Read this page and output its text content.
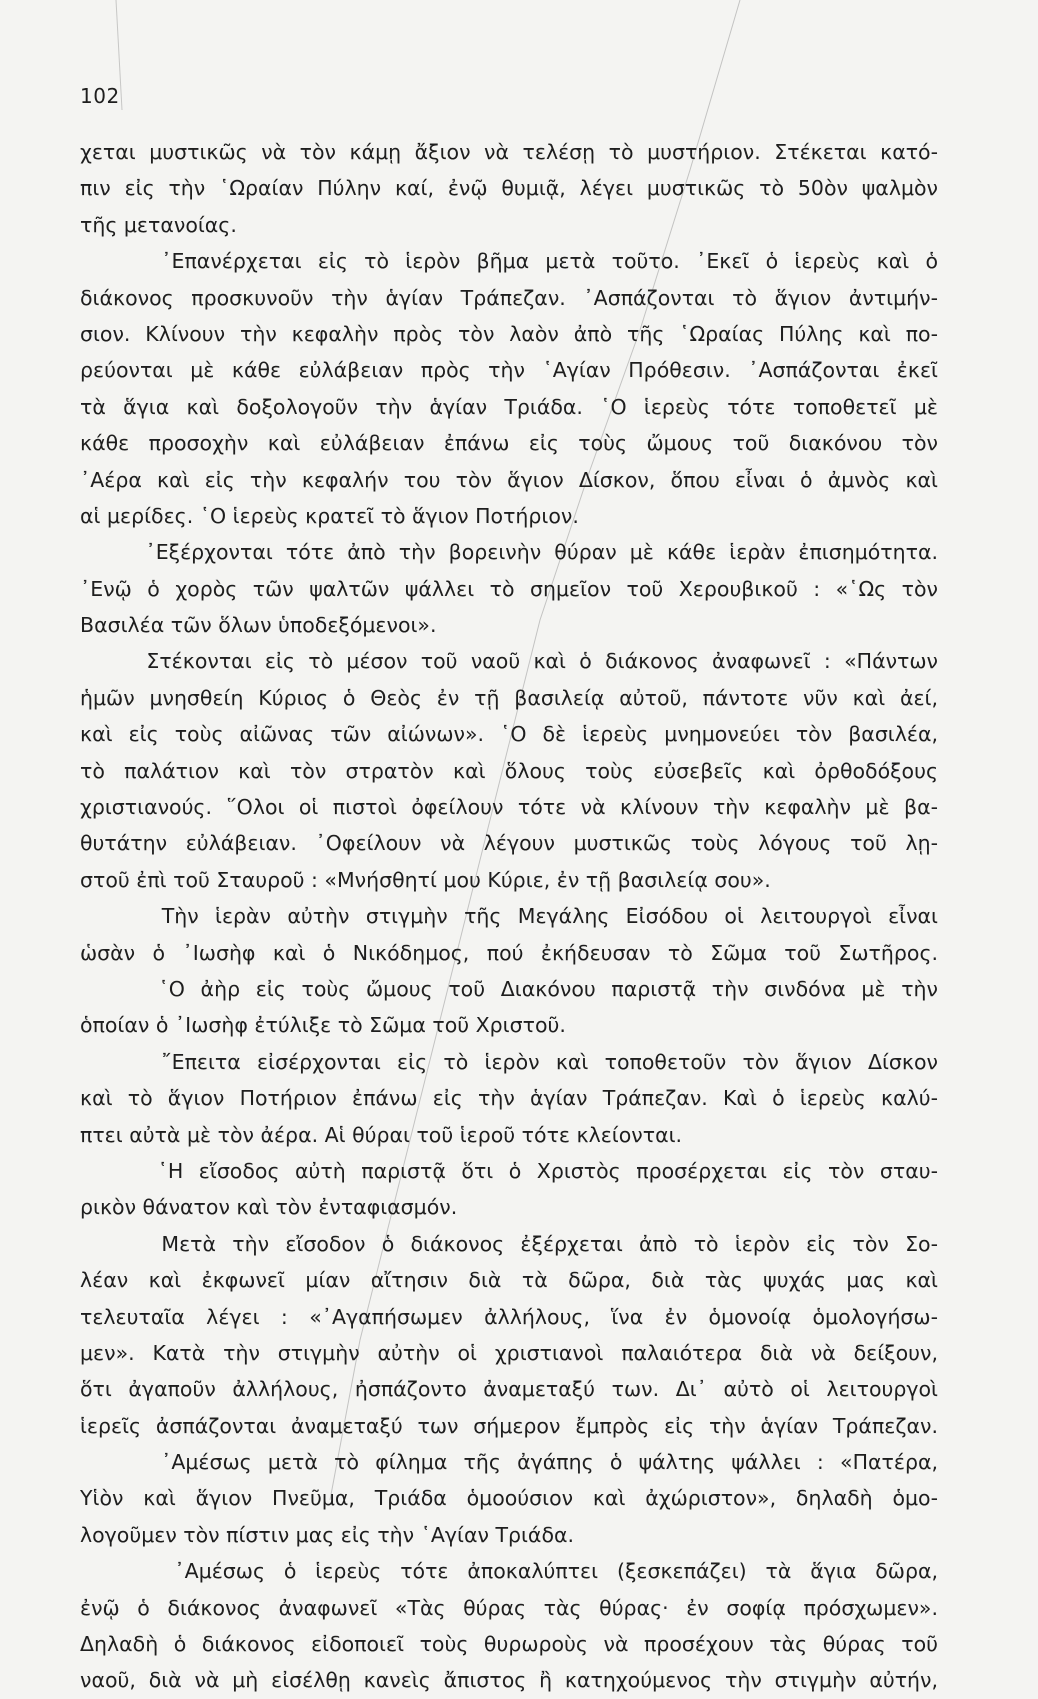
102
χεται μυστικῶς νὰ τὸν κάμῃ ἄξιον νὰ τελέσῃ τὸ μυστήριον. Στέκεται κατό-
πιν εἰς τὴν ῾Ωραίαν Πύλην καί, ἐνῷ θυμιᾷ, λέγει μυστικῶς τὸ 50ὸν ψαλμὸν
τῆς μετανοίας.
᾿Επανέρχεται εἰς τὸ ἱερὸν βῆμα μετὰ τοῦτο. ᾿Εκεῖ ὁ ἱερεὺς καὶ ὁ
διάκονος προσκυνοῦν τὴν ἁγίαν Τράπεζαν. ᾿Ασπάζονται τὸ ἅγιον ἀντιμήν-
σιον. Κλίνουν τὴν κεφαλὴν πρὸς τὸν λαὸν ἀπὸ τῆς ῾Ωραίας Πύλης καὶ πο-
ρεύονται μὲ κάθε εὐλάβειαν πρὸς τὴν ῾Αγίαν Πρόθεσιν. ᾿Ασπάζονται ἐκεῖ
τὰ ἅγια καὶ δοξολογοῦν τὴν ἁγίαν Τριάδα. ῾Ο ἱερεὺς τότε τοποθετεῖ μὲ
κάθε προσοχὴν καὶ εὐλάβειαν ἐπάνω εἰς τοὺς ὤμους τοῦ διακόνου τὸν
᾿Αέρα καὶ εἰς τὴν κεφαλήν του τὸν ἅγιον Δίσκον, ὅπου εἶναι ὁ ἀμνὸς καὶ
αἱ μερίδες. ῾Ο ἱερεὺς κρατεῖ τὸ ἅγιον Ποτήριον.
᾿Εξέρχονται τότε ἀπὸ τὴν βορεινὴν θύραν μὲ κάθε ἱερὰν ἐπισημότητα.
᾿Ενῷ ὁ χορὸς τῶν ψαλτῶν ψάλλει τὸ σημεῖον τοῦ Χερουβικοῦ : «῾Ως τὸν
Βασιλέα τῶν ὅλων ὑποδεξόμενοι».
Στέκονται εἰς τὸ μέσον τοῦ ναοῦ καὶ ὁ διάκονος ἀναφωνεῖ : «Πάντων
ἡμῶν μνησθείη Κύριος ὁ Θεὸς ἐν τῇ βασιλείᾳ αὐτοῦ, πάντοτε νῦν καὶ ἀεί,
καὶ εἰς τοὺς αἰῶνας τῶν αἰώνων». ῾Ο δὲ ἱερεὺς μνημονεύει τὸν βασιλέα,
τὸ παλάτιον καὶ τὸν στρατὸν καὶ ὅλους τοὺς εὐσεβεῖς καὶ ὀρθοδόξους
χριστιανούς. ῞Ολοι οἱ πιστοὶ ὀφείλουν τότε νὰ κλίνουν τὴν κεφαλὴν μὲ βα-
θυτάτην εὐλάβειαν. ᾿Οφείλουν νὰ λέγουν μυστικῶς τοὺς λόγους τοῦ λῃ-
στοῦ ἐπὶ τοῦ Σταυροῦ : «Μνήσθητί μου Κύριε, ἐν τῇ βασιλείᾳ σου».
Τὴν ἱερὰν αὐτὴν στιγμὴν τῆς Μεγάλης Εἰσόδου οἱ λειτουργοὶ εἶναι
ὡσὰν ὁ ᾿Ιωσὴφ καὶ ὁ Νικόδημος, πού ἐκήδευσαν τὸ Σῶμα τοῦ Σωτῆρος.
῾Ο ἀὴρ εἰς τοὺς ὤμους τοῦ Διακόνου παριστᾷ τὴν σινδόνα μὲ τὴν
ὁποίαν ὁ ᾿Ιωσὴφ ἐτύλιξε τὸ Σῶμα τοῦ Χριστοῦ.
῎Επειτα εἰσέρχονται εἰς τὸ ἱερὸν καὶ τοποθετοῦν τὸν ἅγιον Δίσκον
καὶ τὸ ἅγιον Ποτήριον ἐπάνω εἰς τὴν ἁγίαν Τράπεζαν. Καὶ ὁ ἱερεὺς καλύ-
πτει αὐτὰ μὲ τὸν ἀέρα. Αἱ θύραι τοῦ ἱεροῦ τότε κλείονται.
῾Η εἴσοδος αὐτὴ παριστᾷ ὅτι ὁ Χριστὸς προσέρχεται εἰς τὸν σταυ-
ρικὸν θάνατον καὶ τὸν ἐνταφιασμόν.
Μετὰ τὴν εἴσοδον ὁ διάκονος ἐξέρχεται ἀπὸ τὸ ἱερὸν εἰς τὸν Σο-
λέαν καὶ ἐκφωνεῖ μίαν αἴτησιν διὰ τὰ δῶρα, διὰ τὰς ψυχάς μας καὶ
τελευταῖα λέγει : «᾿Αγαπήσωμεν ἀλλήλους, ἵνα ἐν ὁμονοίᾳ ὁμολογήσω-
μεν». Κατὰ τὴν στιγμὴν αὐτὴν οἱ χριστιανοὶ παλαιότερα διὰ νὰ δείξουν,
ὅτι ἀγαποῦν ἀλλήλους, ἠσπάζοντο ἀναμεταξύ των. Δι᾿ αὐτὸ οἱ λειτουργοὶ
ἱερεῖς ἀσπάζονται ἀναμεταξύ των σήμερον ἔμπρὸς εἰς τὴν ἁγίαν Τράπεζαν.
᾿Αμέσως μετὰ τὸ φίλημα τῆς ἀγάπης ὁ ψάλτης ψάλλει : «Πατέρα,
Υἱὸν καὶ ἅγιον Πνεῦμα, Τριάδα ὁμοούσιον καὶ ἀχώριστον», δηλαδὴ ὁμο-
λογοῦμεν τὸν πίστιν μας εἰς τὴν ῾Αγίαν Τριάδα.
᾿Αμέσως ὁ ἱερεὺς τότε ἀποκαλύπτει (ξεσκεπάζει) τὰ ἅγια δῶρα,
ἐνῷ ὁ διάκονος ἀναφωνεῖ «Τὰς θύρας τὰς θύρας· ἐν σοφίᾳ πρόσχωμεν».
Δηλαδὴ ὁ διάκονος εἰδοποιεῖ τοὺς θυρωροὺς νὰ προσέχουν τὰς θύρας τοῦ
ναοῦ, διὰ νὰ μὴ εἰσέλθῃ κανεὶς ἄπιστος ἢ κατηχούμενος τὴν στιγμὴν αὐτήν,
